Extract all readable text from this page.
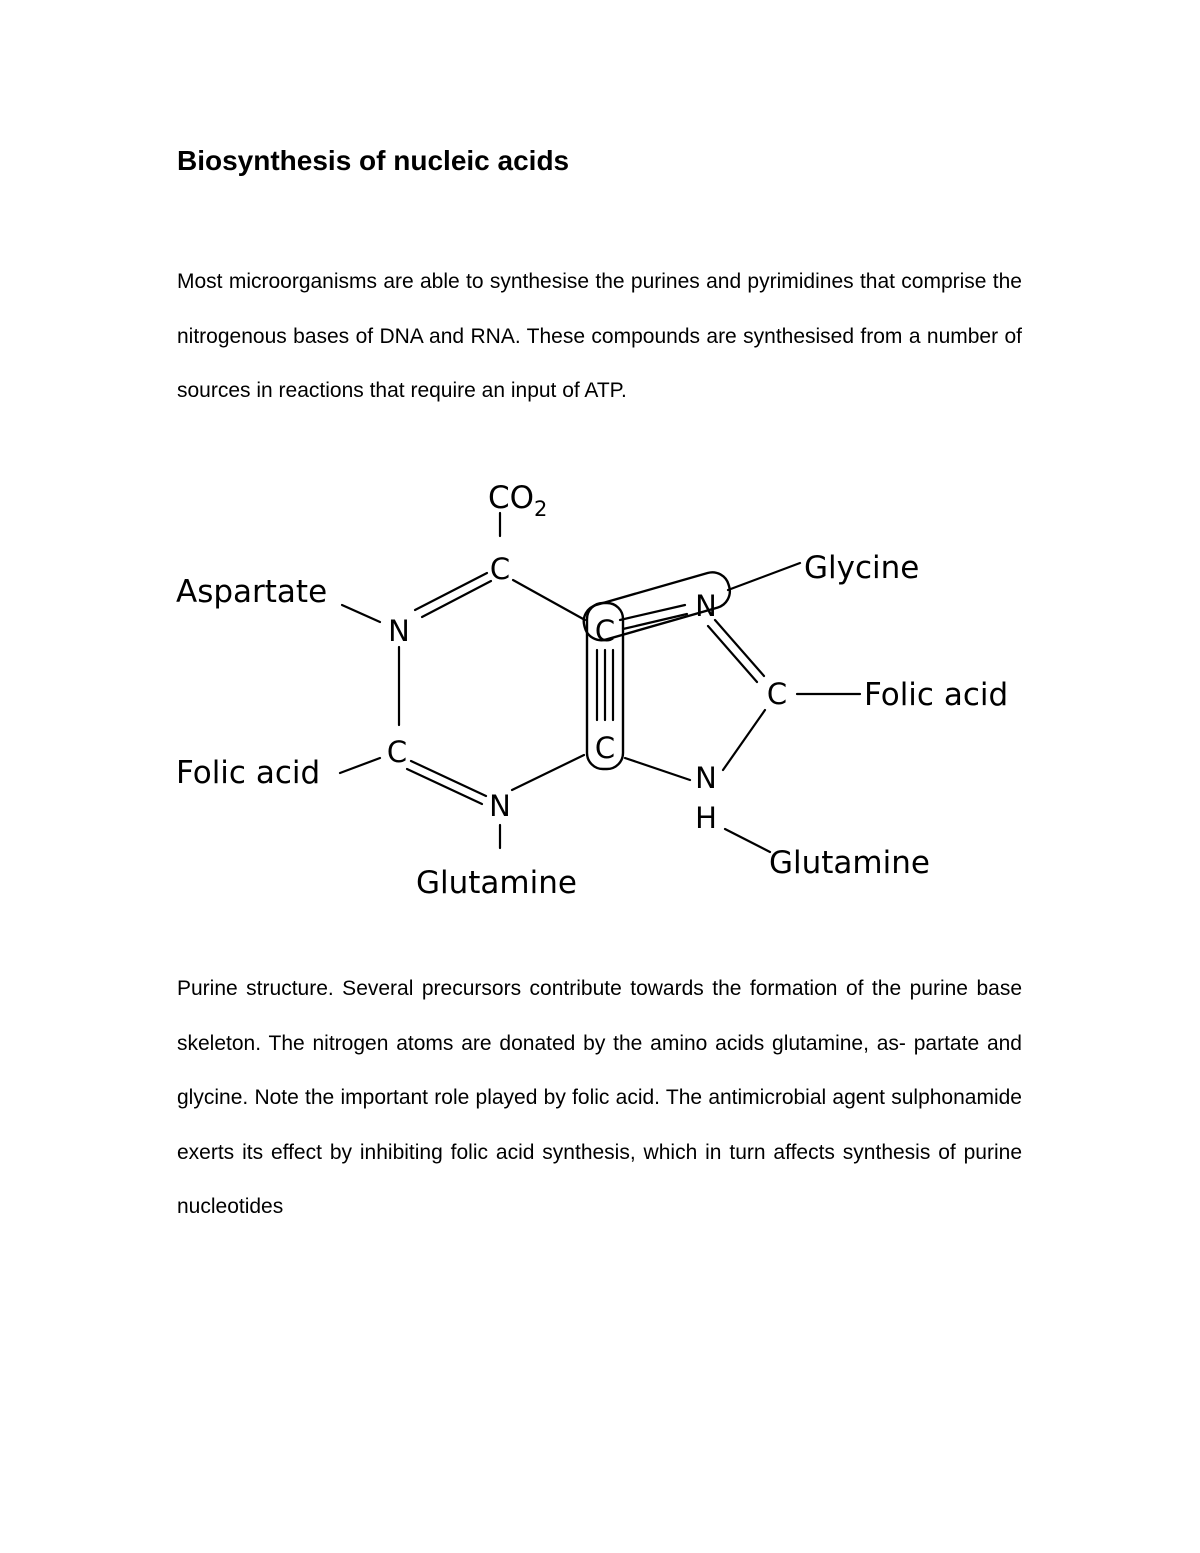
Biosynthesis of nucleic acids

Most microorganisms are able to synthesise the purines and pyrimidines that comprise the nitrogenous bases of DNA and RNA. These compounds are synthesised from a number of sources in reactions that require an input of ATP.

C
N
C
N
C
C
N
C
N
H
$CO_2$
Aspartate
Glycine
Folic acid
Folic acid
Glutamine
Glutamine

Purine structure. Several precursors contribute towards the formation of the purine base skeleton. The nitrogen atoms are donated by the amino acids glutamine, as- partate and glycine. Note the important role played by folic acid. The antimicrobial agent sulphonamide exerts its effect by inhibiting folic acid synthesis, which in turn affects synthesis of purine nucleotides
